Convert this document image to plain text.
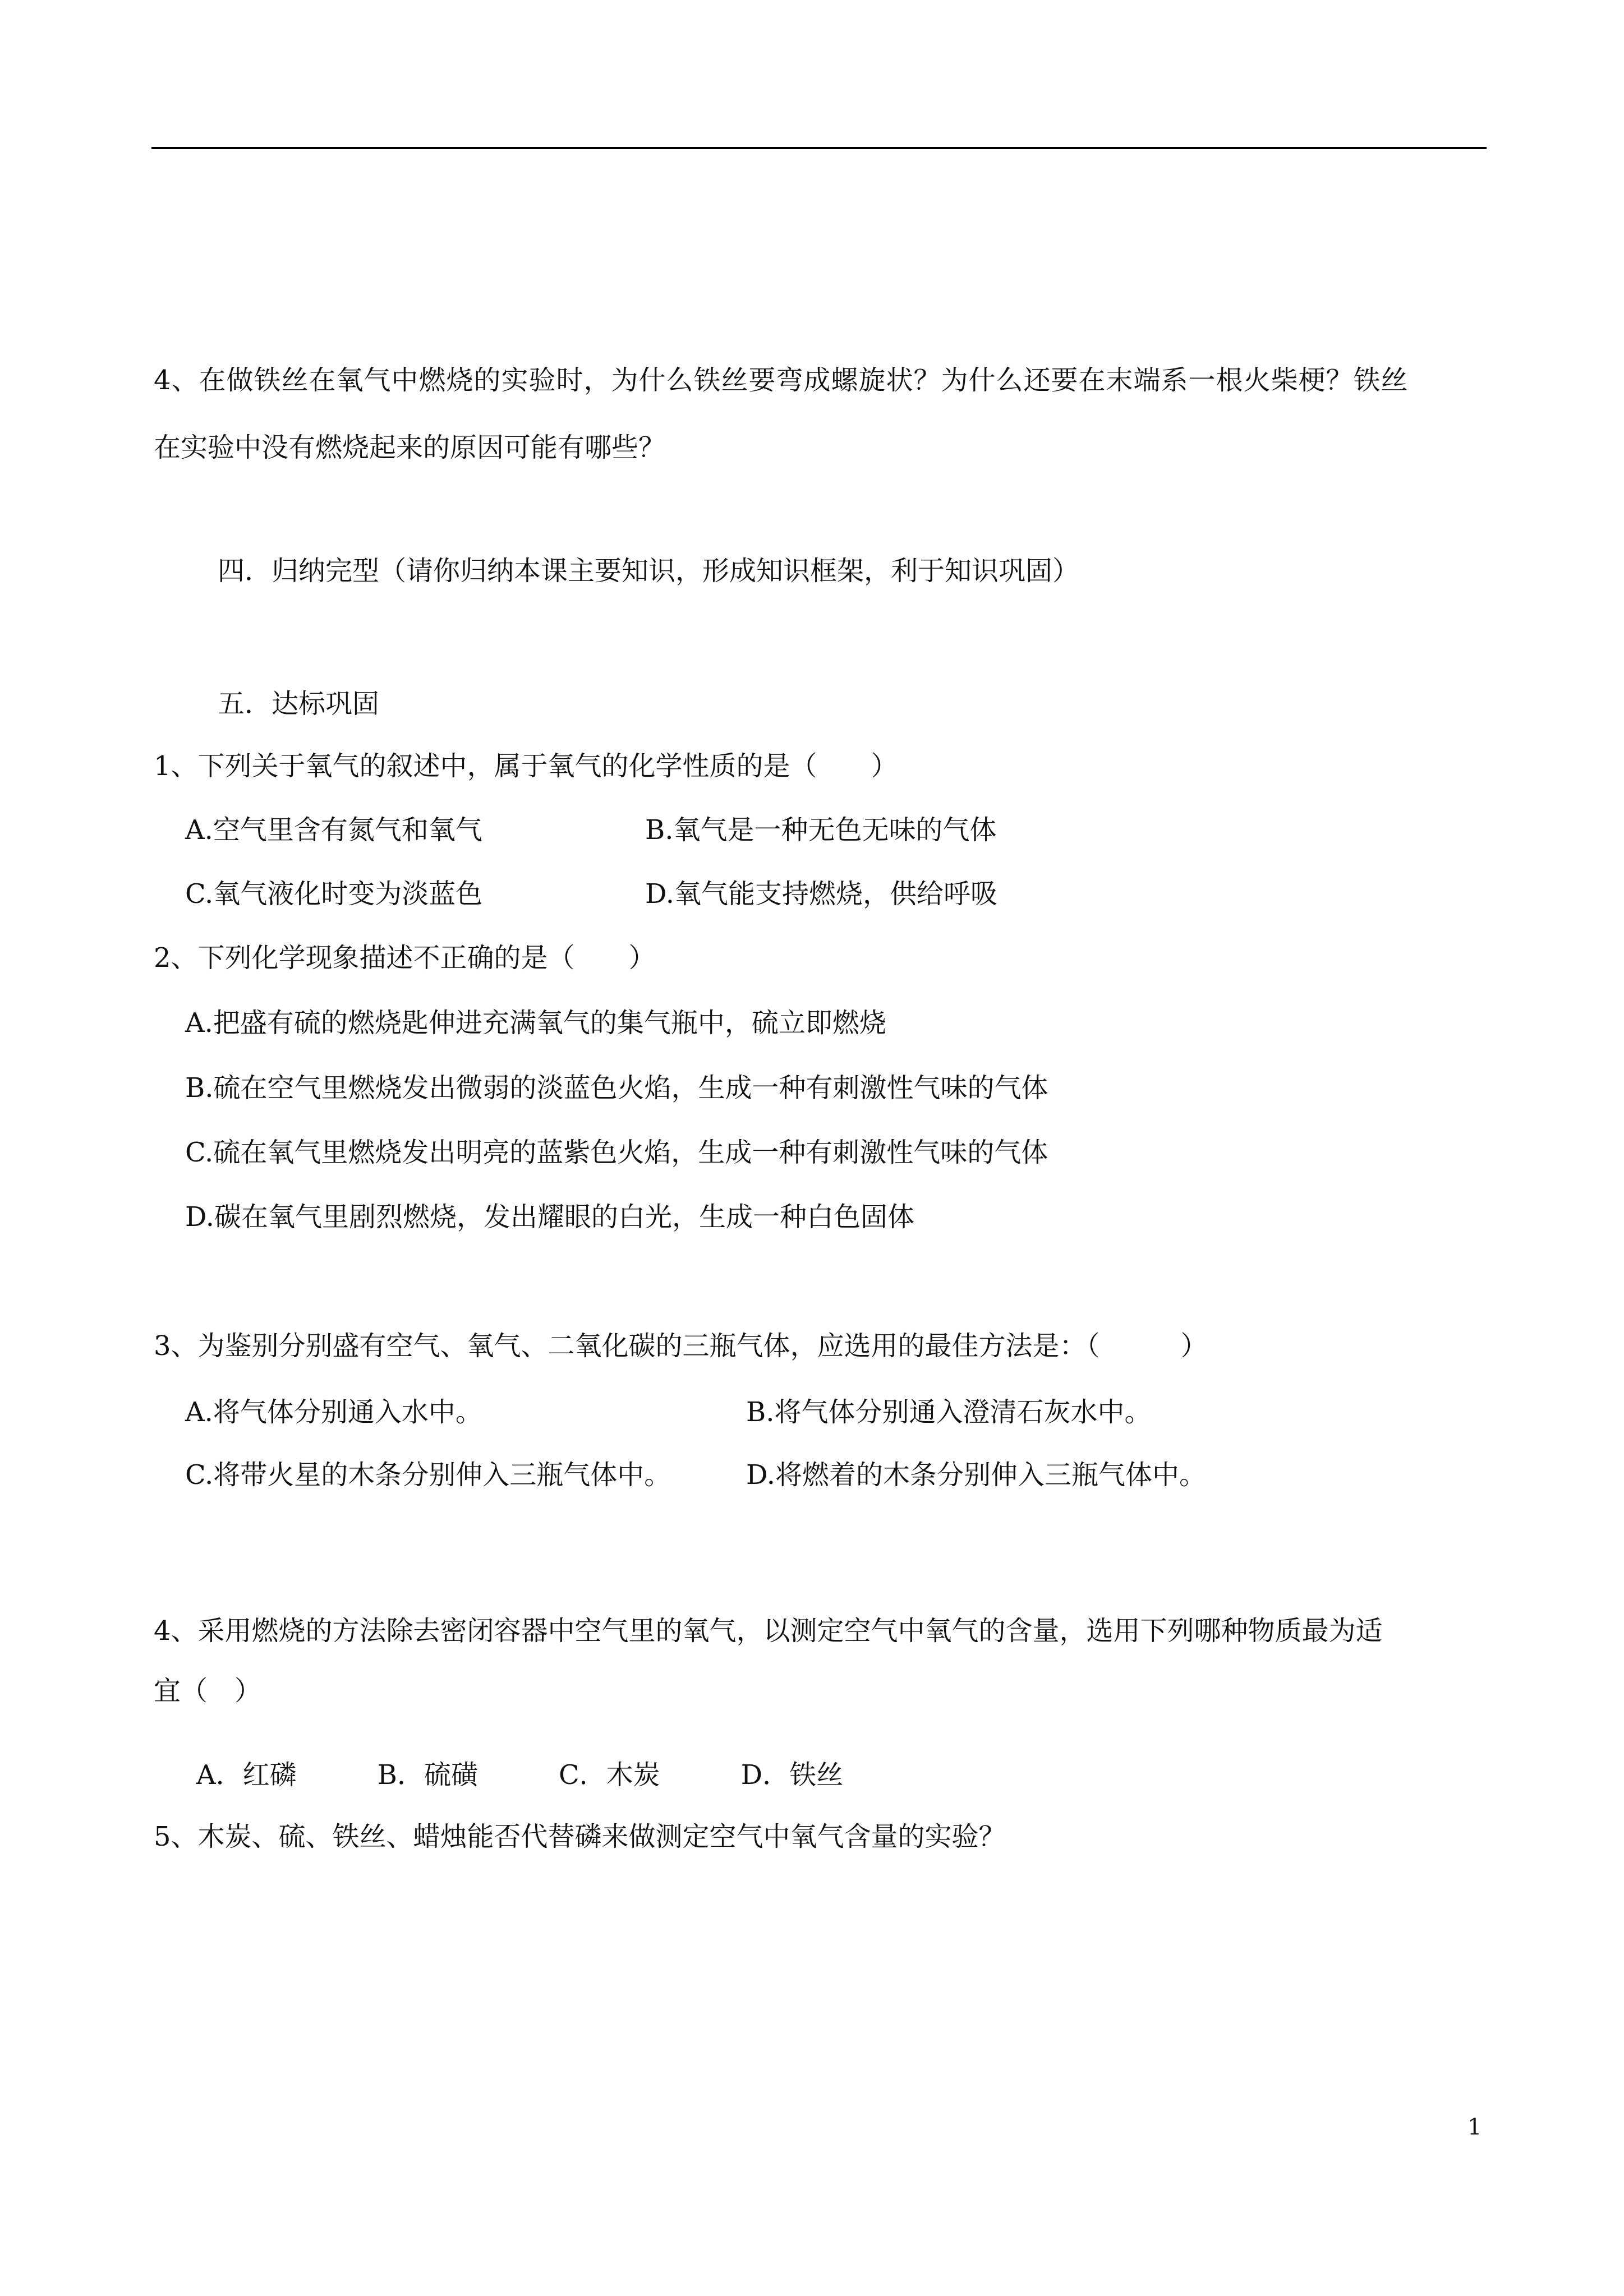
4、在做铁丝在氧气中燃烧的实验时，为什么铁丝要弯成螺旋状？为什么还要在末端系一根火柴梗？铁丝
在实验中没有燃烧起来的原因可能有哪些？
四．归纳完型（请你归纳本课主要知识，形成知识框架，利于知识巩固）
五．达标巩固
1、下列关于氧气的叙述中，属于氧气的化学性质的是（　　）
A.空气里含有氮气和氧气	B.氧气是一种无色无味的气体
C.氧气液化时变为淡蓝色	D.氧气能支持燃烧，供给呼吸
2、下列化学现象描述不正确的是（　　）
A.把盛有硫的燃烧匙伸进充满氧气的集气瓶中，硫立即燃烧
B.硫在空气里燃烧发出微弱的淡蓝色火焰，生成一种有刺激性气味的气体
C.硫在氧气里燃烧发出明亮的蓝紫色火焰，生成一种有刺激性气味的气体
D.碳在氧气里剧烈燃烧，发出耀眼的白光，生成一种白色固体
3、为鉴别分别盛有空气、氧气、二氧化碳的三瓶气体，应选用的最佳方法是：（　　　）
A.将气体分别通入水中。	B.将气体分别通入澄清石灰水中。
C.将带火星的木条分别伸入三瓶气体中。	D.将燃着的木条分别伸入三瓶气体中。
4、采用燃烧的方法除去密闭容器中空气里的氧气，以测定空气中氧气的含量，选用下列哪种物质最为适
宜（　）
A．红磷　　　B．硫磺　　　C．木炭　　　D．铁丝
5、木炭、硫、铁丝、蜡烛能否代替磷来做测定空气中氧气含量的实验？
1
